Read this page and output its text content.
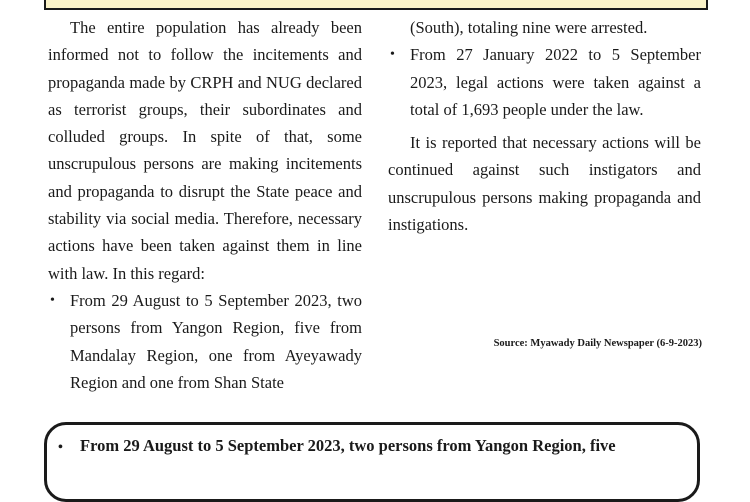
The entire population has already been informed not to follow the incitements and propaganda made by CRPH and NUG declared as terrorist groups, their subordinates and colluded groups. In spite of that, some unscrupulous persons are making incitements and propaganda to disrupt the State peace and stability via social media. Therefore, necessary actions have been taken against them in line with law. In this regard:

• From 29 August to 5 September 2023, two persons from Yangon Region, five from Mandalay Region, one from Ayeyawady Region and one from Shan State

(South), totaling nine were arrested.

• From 27 January 2022 to 5 September 2023, legal actions were taken against a total of 1,693 people under the law.

It is reported that necessary actions will be continued against such instigators and unscrupulous persons making propaganda and instigations.

Source: Myawady Daily Newspaper (6-9-2023)
• From 29 August to 5 September 2023, two persons from Yangon Region, five
